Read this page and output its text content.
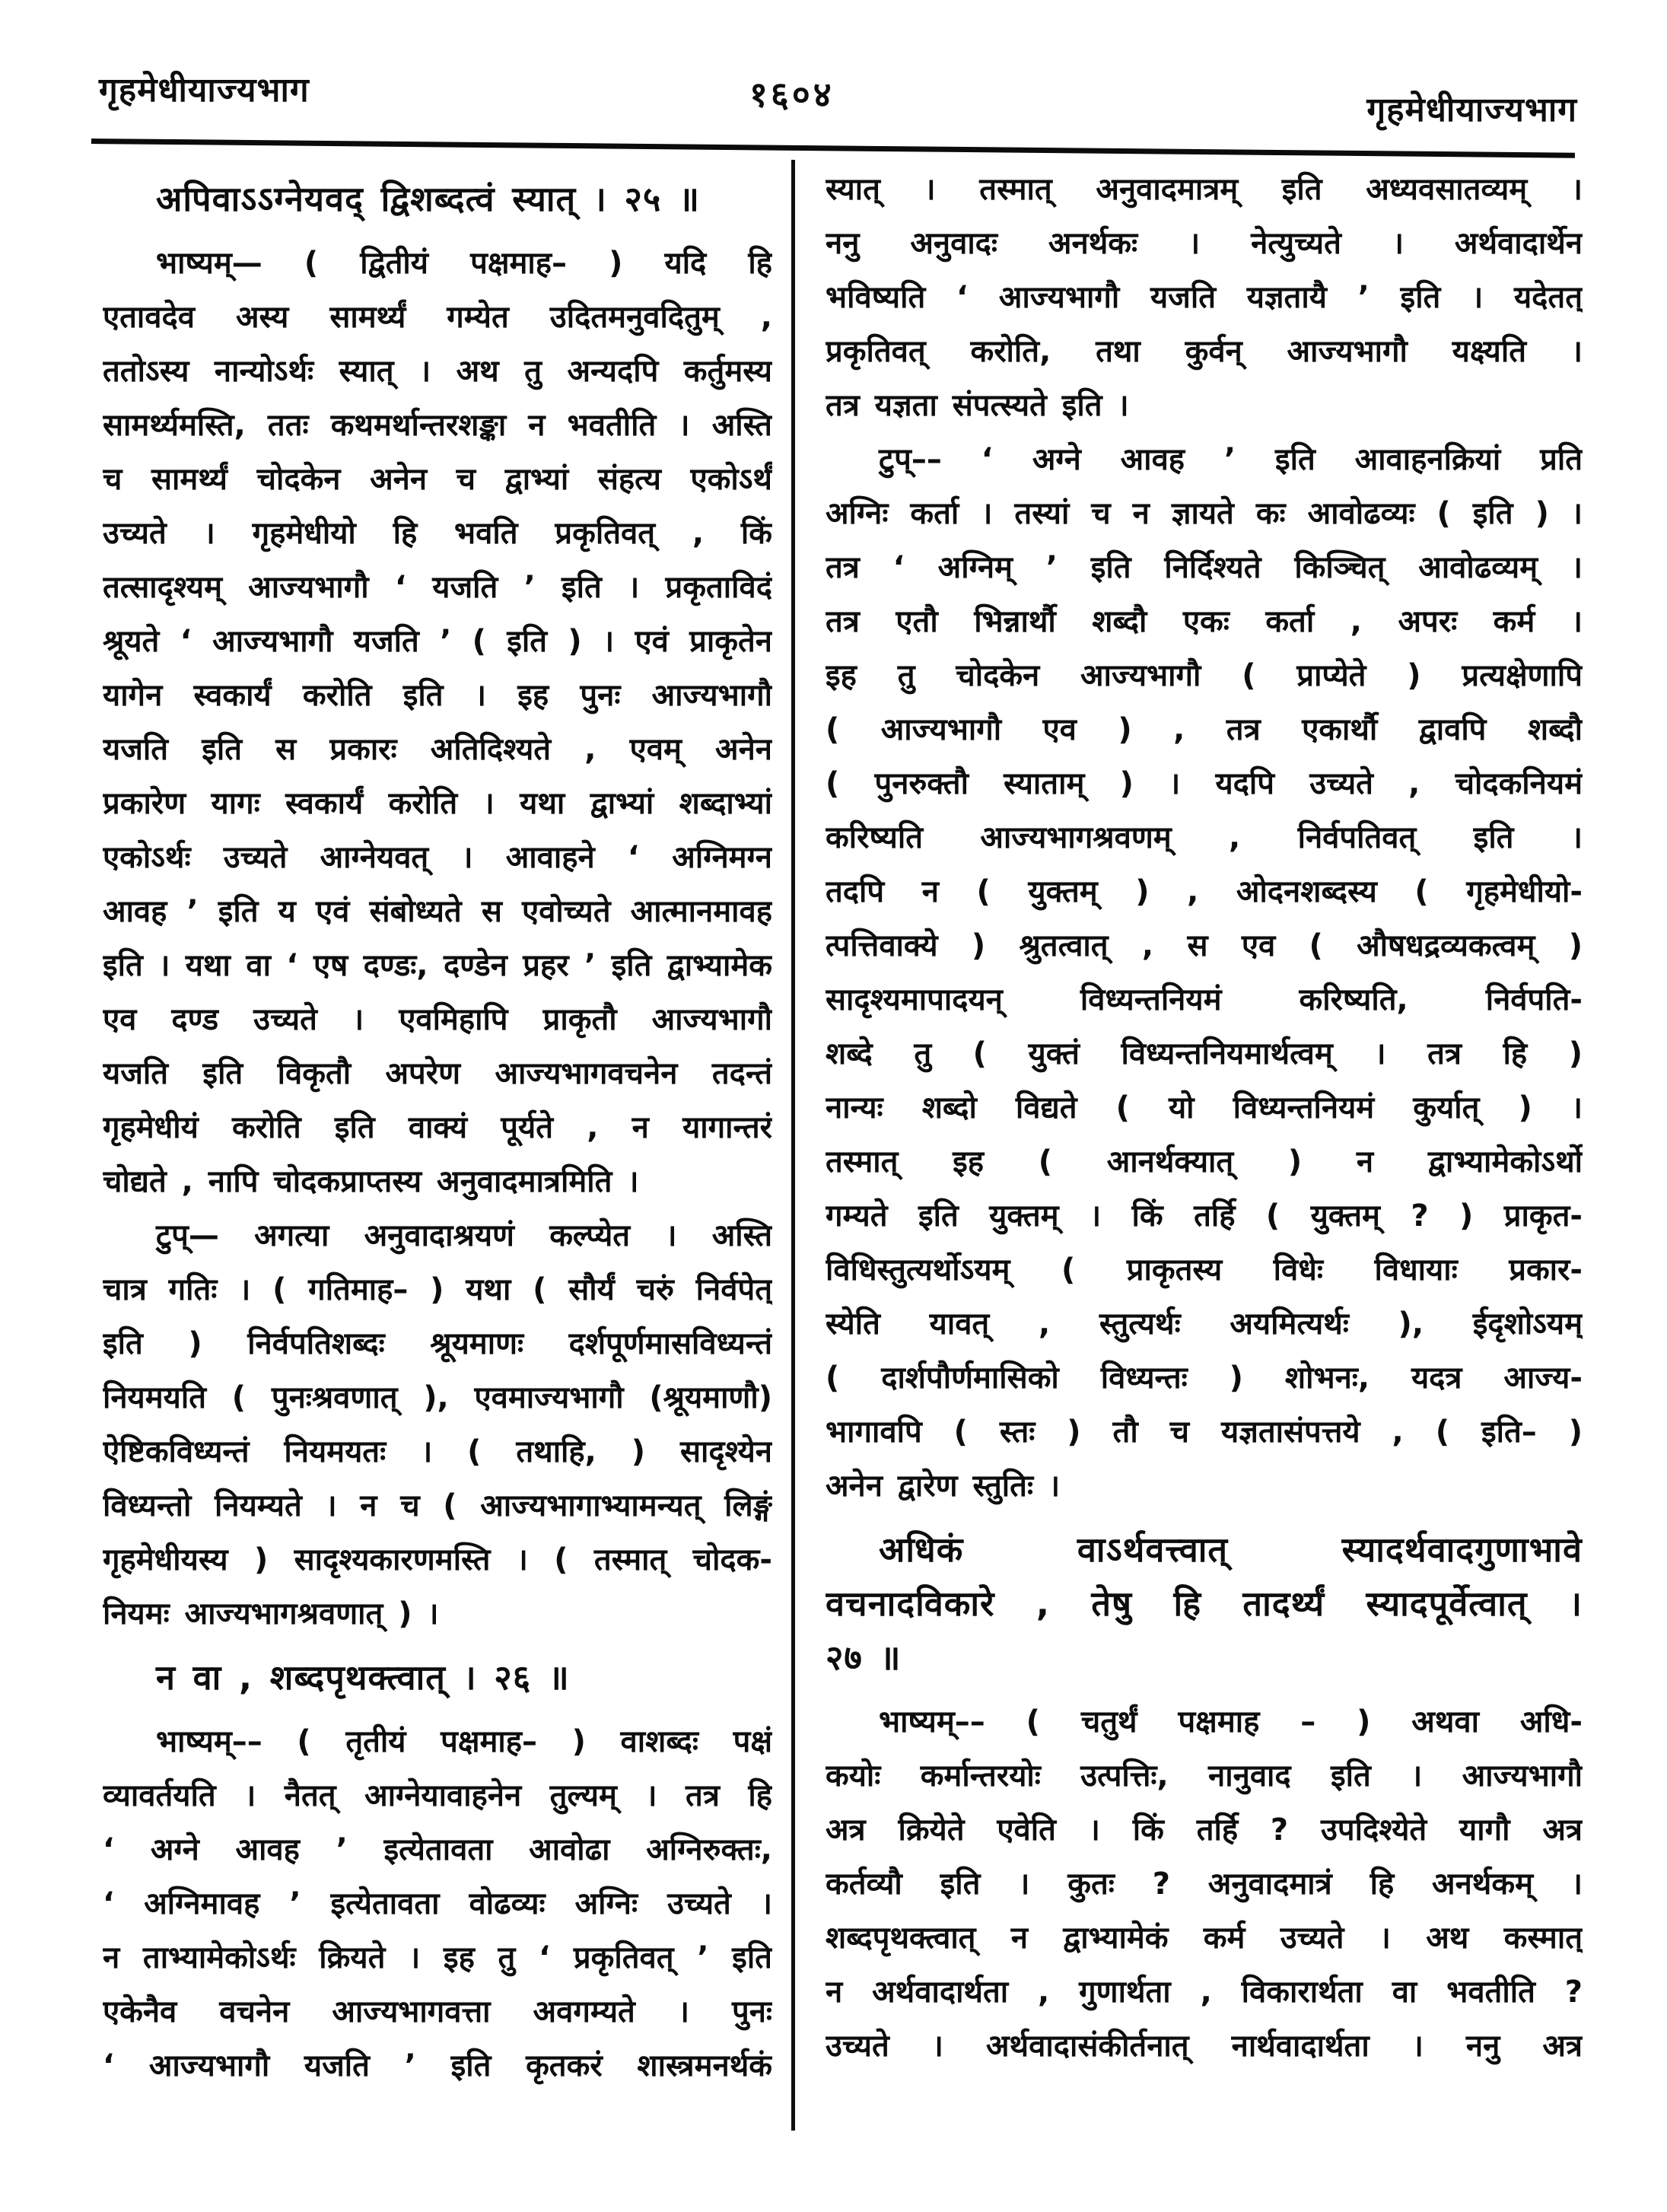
गृहमेधीयाज्यभाग	१६०४	गृहमेधीयाज्यभाग
अपिवाऽऽग्नेयवद् द्विशब्दत्वं स्यात् । २५ ॥
भाष्यम्— ( द्वितीयं पक्षमाह– ) यदि हि
एतावदेव अस्य सामर्थ्यं गम्येत उदितमनुवदितुम् ,
ततोऽस्य नान्योऽर्थः स्यात् । अथ तु अन्यदपि कर्तुमस्य
सामर्थ्यमस्ति, ततः कथमर्थान्तरशङ्का न भवतीति । अस्ति
च सामर्थ्यं चोदकेन अनेन च द्वाभ्यां संहत्य एकोऽर्थं
उच्यते । गृहमेधीयो हि भवति प्रकृतिवत् , किं
तत्सादृश्यम् आज्यभागौ ‘ यजति ’ इति । प्रकृताविदं
श्रूयते ‘ आज्यभागौ यजति ’ ( इति ) । एवं प्राकृतेन
यागेन स्वकार्यं करोति इति । इह पुनः आज्यभागौ
यजति इति स प्रकारः अतिदिश्यते , एवम् अनेन
प्रकारेण यागः स्वकार्यं करोति । यथा द्वाभ्यां शब्दाभ्यां
एकोऽर्थः उच्यते आग्नेयवत् । आवाहने ‘ अग्निमग्न
आवह ’ इति य एवं संबोध्यते स एवोच्यते आत्मानमावह
इति । यथा वा ‘ एष दण्डः, दण्डेन प्रहर ’ इति द्वाभ्यामेक
एव दण्ड उच्यते । एवमिहापि प्राकृतौ आज्यभागौ
यजति इति विकृतौ अपरेण आज्यभागवचनेन तदन्तं
गृहमेधीयं करोति इति वाक्यं पूर्यते , न यागान्तरं
चोद्यते , नापि चोदकप्राप्तस्य अनुवादमात्रमिति ।
टुप्— अगत्या अनुवादाश्रयणं कल्प्येत । अस्ति
चात्र गतिः । ( गतिमाह– ) यथा ( सौर्यं चरुं निर्वपेत्
इति ) निर्वपतिशब्दः श्रूयमाणः दर्शपूर्णमासविध्यन्तं
नियमयति ( पुनःश्रवणात् ), एवमाज्यभागौ (श्रूयमाणौ)
ऐष्टिकविध्यन्तं नियमयतः । ( तथाहि, ) सादृश्येन
विध्यन्तो नियम्यते । न च ( आज्यभागाभ्यामन्यत् लिङ्गं
गृहमेधीयस्य ) सादृश्यकारणमस्ति । ( तस्मात् चोदक-
नियमः आज्यभागश्रवणात् ) ।
न वा , शब्दपृथक्त्वात् । २६ ॥
भाष्यम्–– ( तृतीयं पक्षमाह– ) वाशब्दः पक्षं
व्यावर्तयति । नैतत् आग्नेयावाहनेन तुल्यम् । तत्र हि
‘ अग्ने आवह ’ इत्येतावता आवोढा अग्निरुक्तः,
‘ अग्निमावह ’ इत्येतावता वोढव्यः अग्निः उच्यते ।
न ताभ्यामेकोऽर्थः क्रियते । इह तु ‘ प्रकृतिवत् ’ इति
एकेनैव वचनेन आज्यभागवत्ता अवगम्यते । पुनः
‘ आज्यभागौ यजति ’ इति कृतकरं शास्त्रमनर्थकं
स्यात् । तस्मात् अनुवादमात्रम् इति अध्यवसातव्यम् ।
ननु अनुवादः अनर्थकः । नेत्युच्यते । अर्थवादार्थेन
भविष्यति ‘ आज्यभागौ यजति यज्ञतायै ’ इति । यदेतत्
प्रकृतिवत् करोति, तथा कुर्वन् आज्यभागौ यक्ष्यति ।
तत्र यज्ञता संपत्स्यते इति ।
टुप्–– ‘ अग्ने आवह ’ इति आवाहनक्रियां प्रति
अग्निः कर्ता । तस्यां च न ज्ञायते कः आवोढव्यः ( इति ) ।
तत्र ‘ अग्निम् ’ इति निर्दिश्यते किञ्चित् आवोढव्यम् ।
तत्र एतौ भिन्नार्थौ शब्दौ एकः कर्ता , अपरः कर्म ।
इह तु चोदकेन आज्यभागौ ( प्राप्येते ) प्रत्यक्षेणापि
( आज्यभागौ एव ) , तत्र एकार्थौ द्वावपि शब्दौ
( पुनरुक्तौ स्याताम् ) । यदपि उच्यते , चोदकनियमं
करिष्यति आज्यभागश्रवणम् , निर्वपतिवत् इति ।
तदपि न ( युक्तम् ) , ओदनशब्दस्य ( गृहमेधीयो-
त्पत्तिवाक्ये ) श्रुतत्वात् , स एव ( औषधद्रव्यकत्वम् )
सादृश्यमापादयन् विध्यन्तनियमं करिष्यति, निर्वपति-
शब्दे तु ( युक्तं विध्यन्तनियमार्थत्वम् । तत्र हि )
नान्यः शब्दो विद्यते ( यो विध्यन्तनियमं कुर्यात् ) ।
तस्मात् इह ( आनर्थक्यात् ) न द्वाभ्यामेकोऽर्थो
गम्यते इति युक्तम् । किं तर्हि ( युक्तम् ? ) प्राकृत-
विधिस्तुत्यर्थोऽयम् ( प्राकृतस्य विधेः विधायाः प्रकार-
स्येति यावत् , स्तुत्यर्थः अयमित्यर्थः ), ईदृशोऽयम्
( दार्शपौर्णमासिको विध्यन्तः ) शोभनः, यदत्र आज्य-
भागावपि ( स्तः ) तौ च यज्ञतासंपत्तये , ( इति– )
अनेन द्वारेण स्तुतिः ।
अधिकं वाऽर्थवत्त्वात् स्यादर्थवादगुणाभावे
वचनादविकारे , तेषु हि तादर्थ्यं स्यादपूर्वेत्वात् ।
२७ ॥
भाष्यम्–– ( चतुर्थं पक्षमाह – ) अथवा अधि-
कयोः कर्मान्तरयोः उत्पत्तिः, नानुवाद इति । आज्यभागौ
अत्र क्रियेते एवेति । किं तर्हि ? उपदिश्येते यागौ अत्र
कर्तव्यौ इति । कुतः ? अनुवादमात्रं हि अनर्थकम् ।
शब्दपृथक्त्वात् न द्वाभ्यामेकं कर्म उच्यते । अथ कस्मात्
न अर्थवादार्थता , गुणार्थता , विकारार्थता वा भवतीति ?
उच्यते । अर्थवादासंकीर्तनात् नार्थवादार्थता । ननु अत्र
